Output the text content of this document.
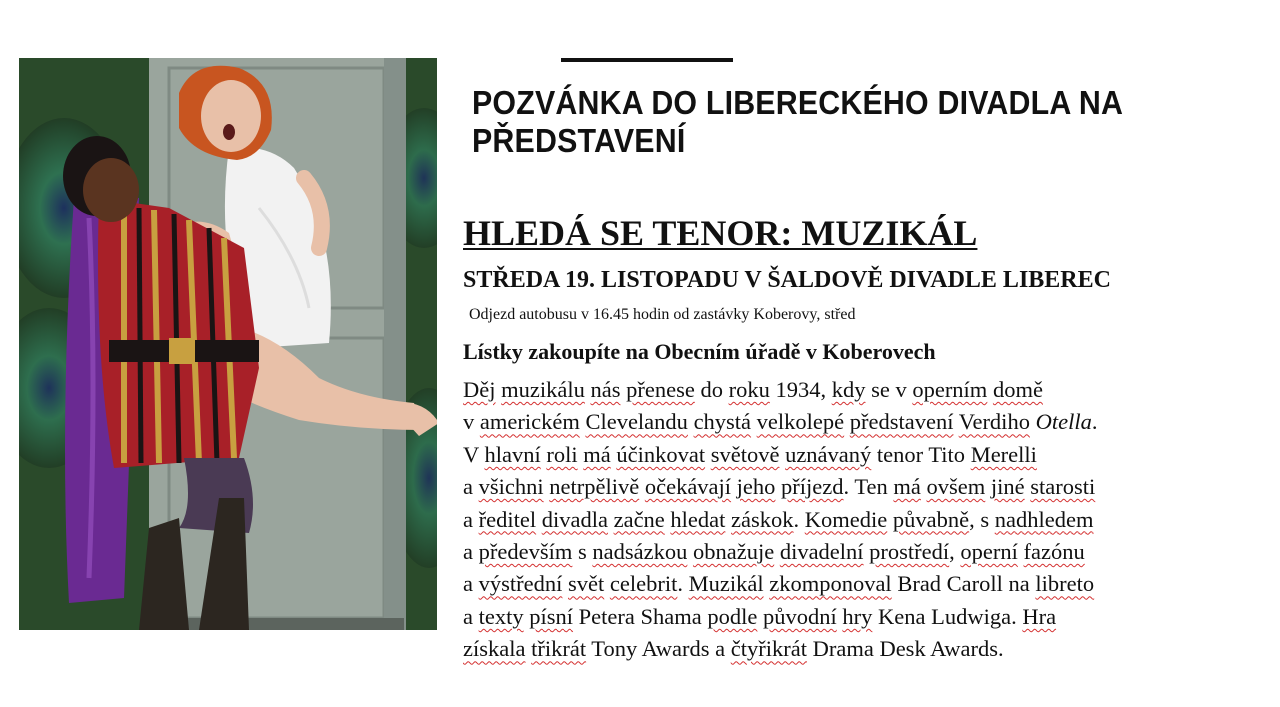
POZVÁNKA DO LIBERECKÉHO DIVADLA NA PŘEDSTAVENÍ
HLEDÁ SE TENOR: MUZIKÁL
STŘEDA 19. LISTOPADU V ŠALDOVĚ DIVADLE LIBEREC

Odjezd autobusu v 16.45 hodin od zastávky Koberovy, střed

Lístky zakoupíte na Obecním úřadě v Koberovech

Děj muzikálu nás přenese do roku 1934, kdy se v operním domě
v americkém Clevelandu chystá velkolepé představení Verdiho Otella.
V hlavní roli má účinkovat světově uznávaný tenor Tito Merelli
a všichni netrpělivě očekávají jeho příjezd. Ten má ovšem jiné starosti
a ředitel divadla začne hledat záskok. Komedie půvabně, s nadhledem
a především s nadsázkou obnažuje divadelní prostředí, operní fazónu
a výstřední svět celebrit. Muzikál zkomponoval Brad Caroll na libreto
a texty písní Petera Shama podle původní hry Kena Ludwiga. Hra
získala třikrát Tony Awards a čtyřikrát Drama Desk Awards.
